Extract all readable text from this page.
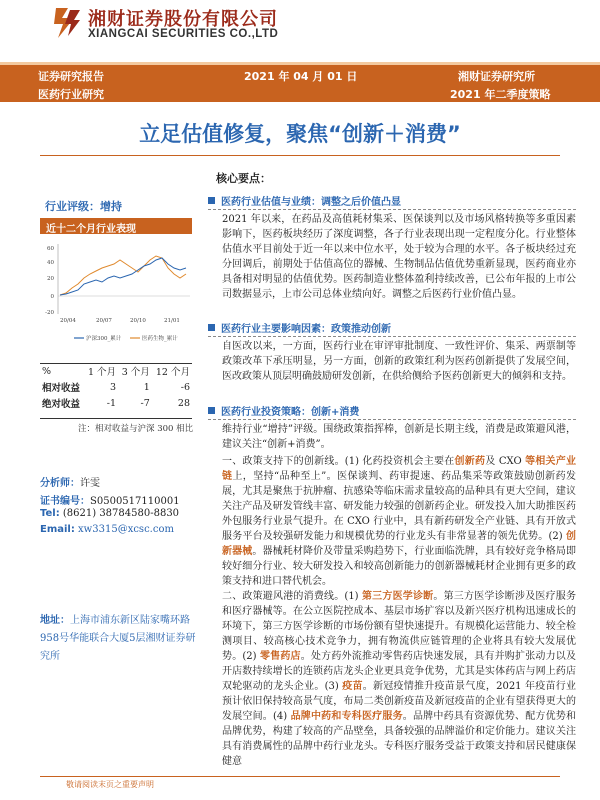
湘财证券股份有限公司
XIANGCAI SECURITIES CO.,LTD
证券研究报告
医药行业研究
2021 年 04 月 01 日	湘财证券研究所
2021 年二季度策略
立足估值修复，聚焦“创新＋消费”
行业评级：增持
近十二个月行业表现
60
40
20
0
-20
20/04	20/07	20/10	21/01
沪深300_累计	医药生物_累计
%	1 个月	3 个月	12 个月
相对收益	3	1	-6
绝对收益	-1	-7	28
注：相对收益与沪深 300 相比
分析师：许雯
证书编号：S0500517110001
Tel: (8621) 38784580-8830
Email: xw3315@xcsc.com
地址：上海市浦东新区陆家嘴环路958号华能联合大厦5层湘财证券研究所
核心要点：
医药行业估值与业绩：调整之后价值凸显
2021 年以来，在药品及高值耗材集采、医保谈判以及市场风格转换等多重因素影响下，医药板块经历了深度调整，各子行业表现出现一定程度分化。行业整体估值水平目前处于近一年以来中位水平，处于较为合理的水平。各子板块经过充分回调后，前期处于估值高位的器械、生物制品估值优势重新显现，医药商业亦具备相对明显的估值优势。医药制造业整体盈利持续改善，已公布年报的上市公司数据显示，上市公司总体业绩向好。调整之后医药行业价值凸显。
医药行业主要影响因素：政策推动创新
自医改以来，一方面，医药行业在审评审批制度、一致性评价、集采、两票制等政策改革下承压明显，另一方面，创新的政策红利为医药创新提供了发展空间，医改政策从顶层明确鼓励研发创新，在供给侧给予医药创新更大的倾斜和支持。
医药行业投资策略：创新+消费
维持行业“增持”评级。围绕政策指挥棒，创新是长期主线，消费是政策避风港，建议关注“创新+消费”。
一、政策支持下的创新线。(1) 化药投资机会主要在创新药及 CXO 等相关产业链上，坚持“品种至上”。医保谈判、药审提速、药品集采等政策鼓励创新药发展，尤其是聚焦于抗肿瘤、抗感染等临床需求量较高的品种具有更大空间，建议关注产品及研发管线丰富、研发能力较强的创新药企业。研发投入加大助推医药外包服务行业景气提升。在 CXO 行业中，具有新药研发全产业链、具有开放式服务平台及较强研发能力和规模优势的行业龙头有非常显著的领先优势。(2) 创新器械。器械耗材降价及带量采购趋势下，行业面临洗牌，具有较好竞争格局即较好细分行业、较大研发投入和较高创新能力的创新器械耗材企业拥有更多的政策支持和进口替代机会。
二、政策避风港的消费线。(1) 第三方医学诊断。第三方医学诊断涉及医疗服务和医疗器械等。在公立医院控成本、基层市场扩容以及新兴医疗机构迅速成长的环境下，第三方医学诊断的市场份额有望快速提升。有规模化运营能力、较全检测项目、较高核心技术竞争力，拥有物流供应链管理的企业将具有较大发展优势。(2) 零售药店。处方药外流推动零售药店快速发展，具有并购扩张动力以及开店数持续增长的连锁药店龙头企业更具竞争优势，尤其是实体药店与网上药店双轮驱动的龙头企业。(3) 疫苗。新冠疫情推升疫苗景气度，2021 年疫苗行业预计依旧保持较高景气度，布局二类创新疫苗及新冠疫苗的企业有望获得更大的发展空间。(4) 品牌中药和专科医疗服务。品牌中药具有资源优势、配方优势和品牌优势，构建了较高的产品壁垒，具备较强的品牌溢价和定价能力。建议关注具有消费属性的品牌中药行业龙头。专科医疗服务受益于政策支持和居民健康保健意
敬请阅读末页之重要声明
